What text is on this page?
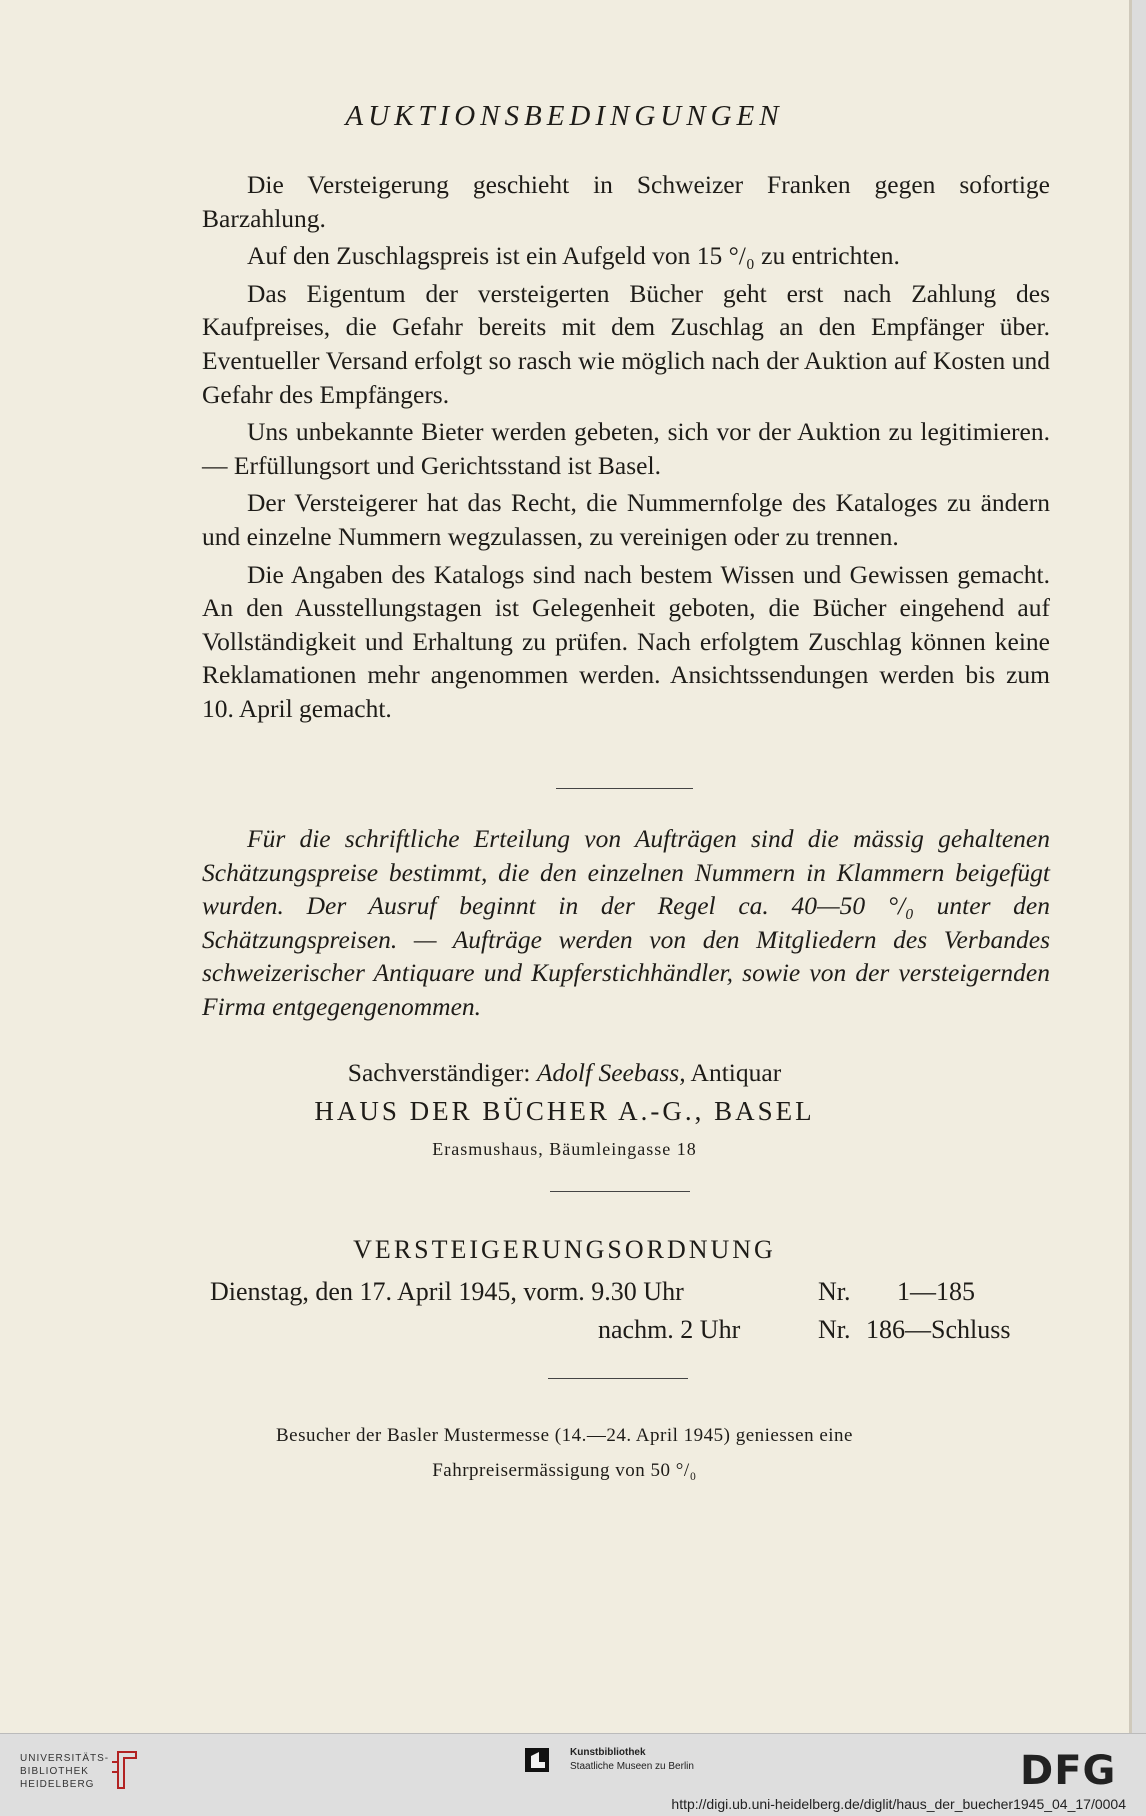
AUKTIONSBEDINGUNGEN

Die Versteigerung geschieht in Schweizer Franken gegen sofortige Barzahlung.

Auf den Zuschlagspreis ist ein Aufgeld von 15 °/₀ zu entrichten.

Das Eigentum der versteigerten Bücher geht erst nach Zahlung des Kaufpreises, die Gefahr bereits mit dem Zuschlag an den Empfänger über. Eventueller Versand erfolgt so rasch wie möglich nach der Auktion auf Kosten und Gefahr des Empfängers.

Uns unbekannte Bieter werden gebeten, sich vor der Auktion zu legitimieren. — Erfüllungsort und Gerichtsstand ist Basel.

Der Versteigerer hat das Recht, die Nummernfolge des Kataloges zu ändern und einzelne Nummern wegzulassen, zu vereinigen oder zu trennen.

Die Angaben des Katalogs sind nach bestem Wissen und Gewissen gemacht. An den Ausstellungstagen ist Gelegenheit geboten, die Bücher eingehend auf Vollständigkeit und Erhaltung zu prüfen. Nach erfolgtem Zuschlag können keine Reklamationen mehr angenommen werden. Ansichtssendungen werden bis zum 10. April gemacht.

Für die schriftliche Erteilung von Aufträgen sind die mässig gehaltenen Schätzungspreise bestimmt, die den einzelnen Nummern in Klammern beigefügt wurden. Der Ausruf beginnt in der Regel ca. 40—50 °/₀ unter den Schätzungspreisen. — Aufträge werden von den Mitgliedern des Verbandes schweizerischer Antiquare und Kupferstichhändler, sowie von der versteigernden Firma entgegengenommen.

Sachverständiger: Adolf Seebass, Antiquar
HAUS DER BÜCHER A.-G., BASEL
Erasmushaus, Bäumleingasse 18
VERSTEIGERUNGSORDNUNG
Dienstag, den 17. April 1945, vorm. 9.30 Uhr	Nr. 1—185
nachm. 2 Uhr	Nr. 186—Schluss
Besucher der Basler Mustermesse (14.—24. April 1945) geniessen eine
Fahrpreisermässigung von 50 °/₀
UNIVERSITÄTS-
BIBLIOTHEK
HEIDELBERG
Kunstbibliothek
Staatliche Museen zu Berlin	DFG
http://digi.ub.uni-heidelberg.de/diglit/haus_der_buecher1945_04_17/0004
